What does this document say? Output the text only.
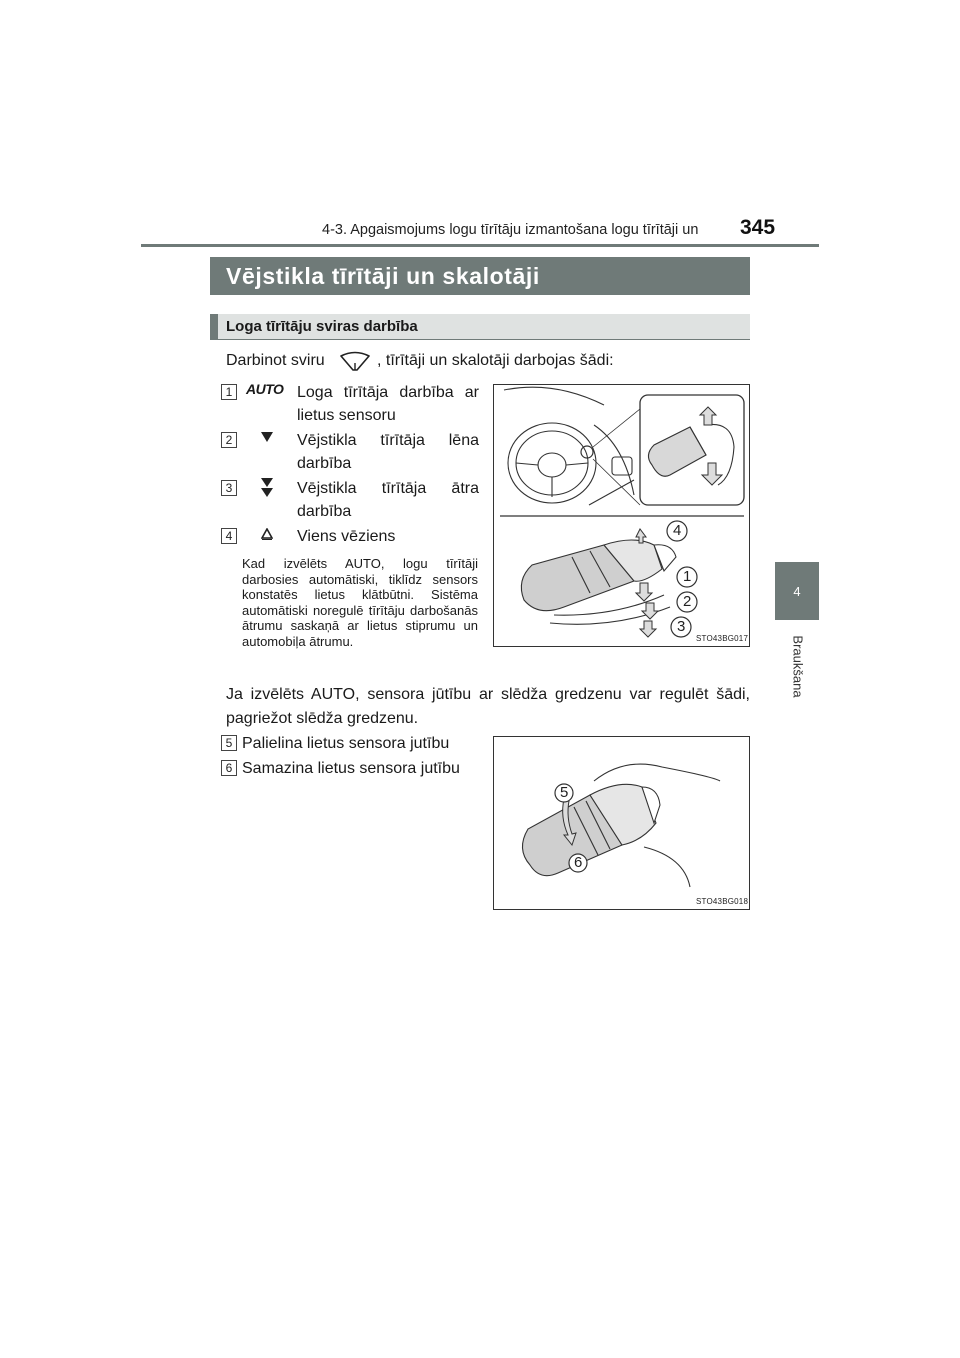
4-3. Apgaismojums logu tīrītāju izmantošana logu tīrītāji un 345
4
Braukšana
Vējstikla tīrītāji un skalotāji
Loga tīrītāju sviras darbība
Darbinot sviru	, tīrītāji un skalotāji darbojas šādi:
1 AUTO Loga tīrītāja darbība ar lietus sensoru
2	Vējstikla tīrītāja lēna darbība
3	Vējstikla tīrītāja ātra darbība
4	Viens vēziens
Kad izvēlēts AUTO, logu tīrītāji darbosies automātiski, tiklīdz sensors konstatēs lietus klātbūtni. Sistēma automātiski noregulē tīrītāju darbošanās ātrumu saskaņā ar lietus stiprumu un automobiļa ātrumu.
4
1
2
3
STO43BG017
Ja izvēlēts AUTO, sensora jūtību ar slēdža gredzenu var regulēt šādi, pagriežot slēdža gredzenu.
5 Palielina lietus sensora jutību
6 Samazina lietus sensora jutību
5
6
STO43BG018
